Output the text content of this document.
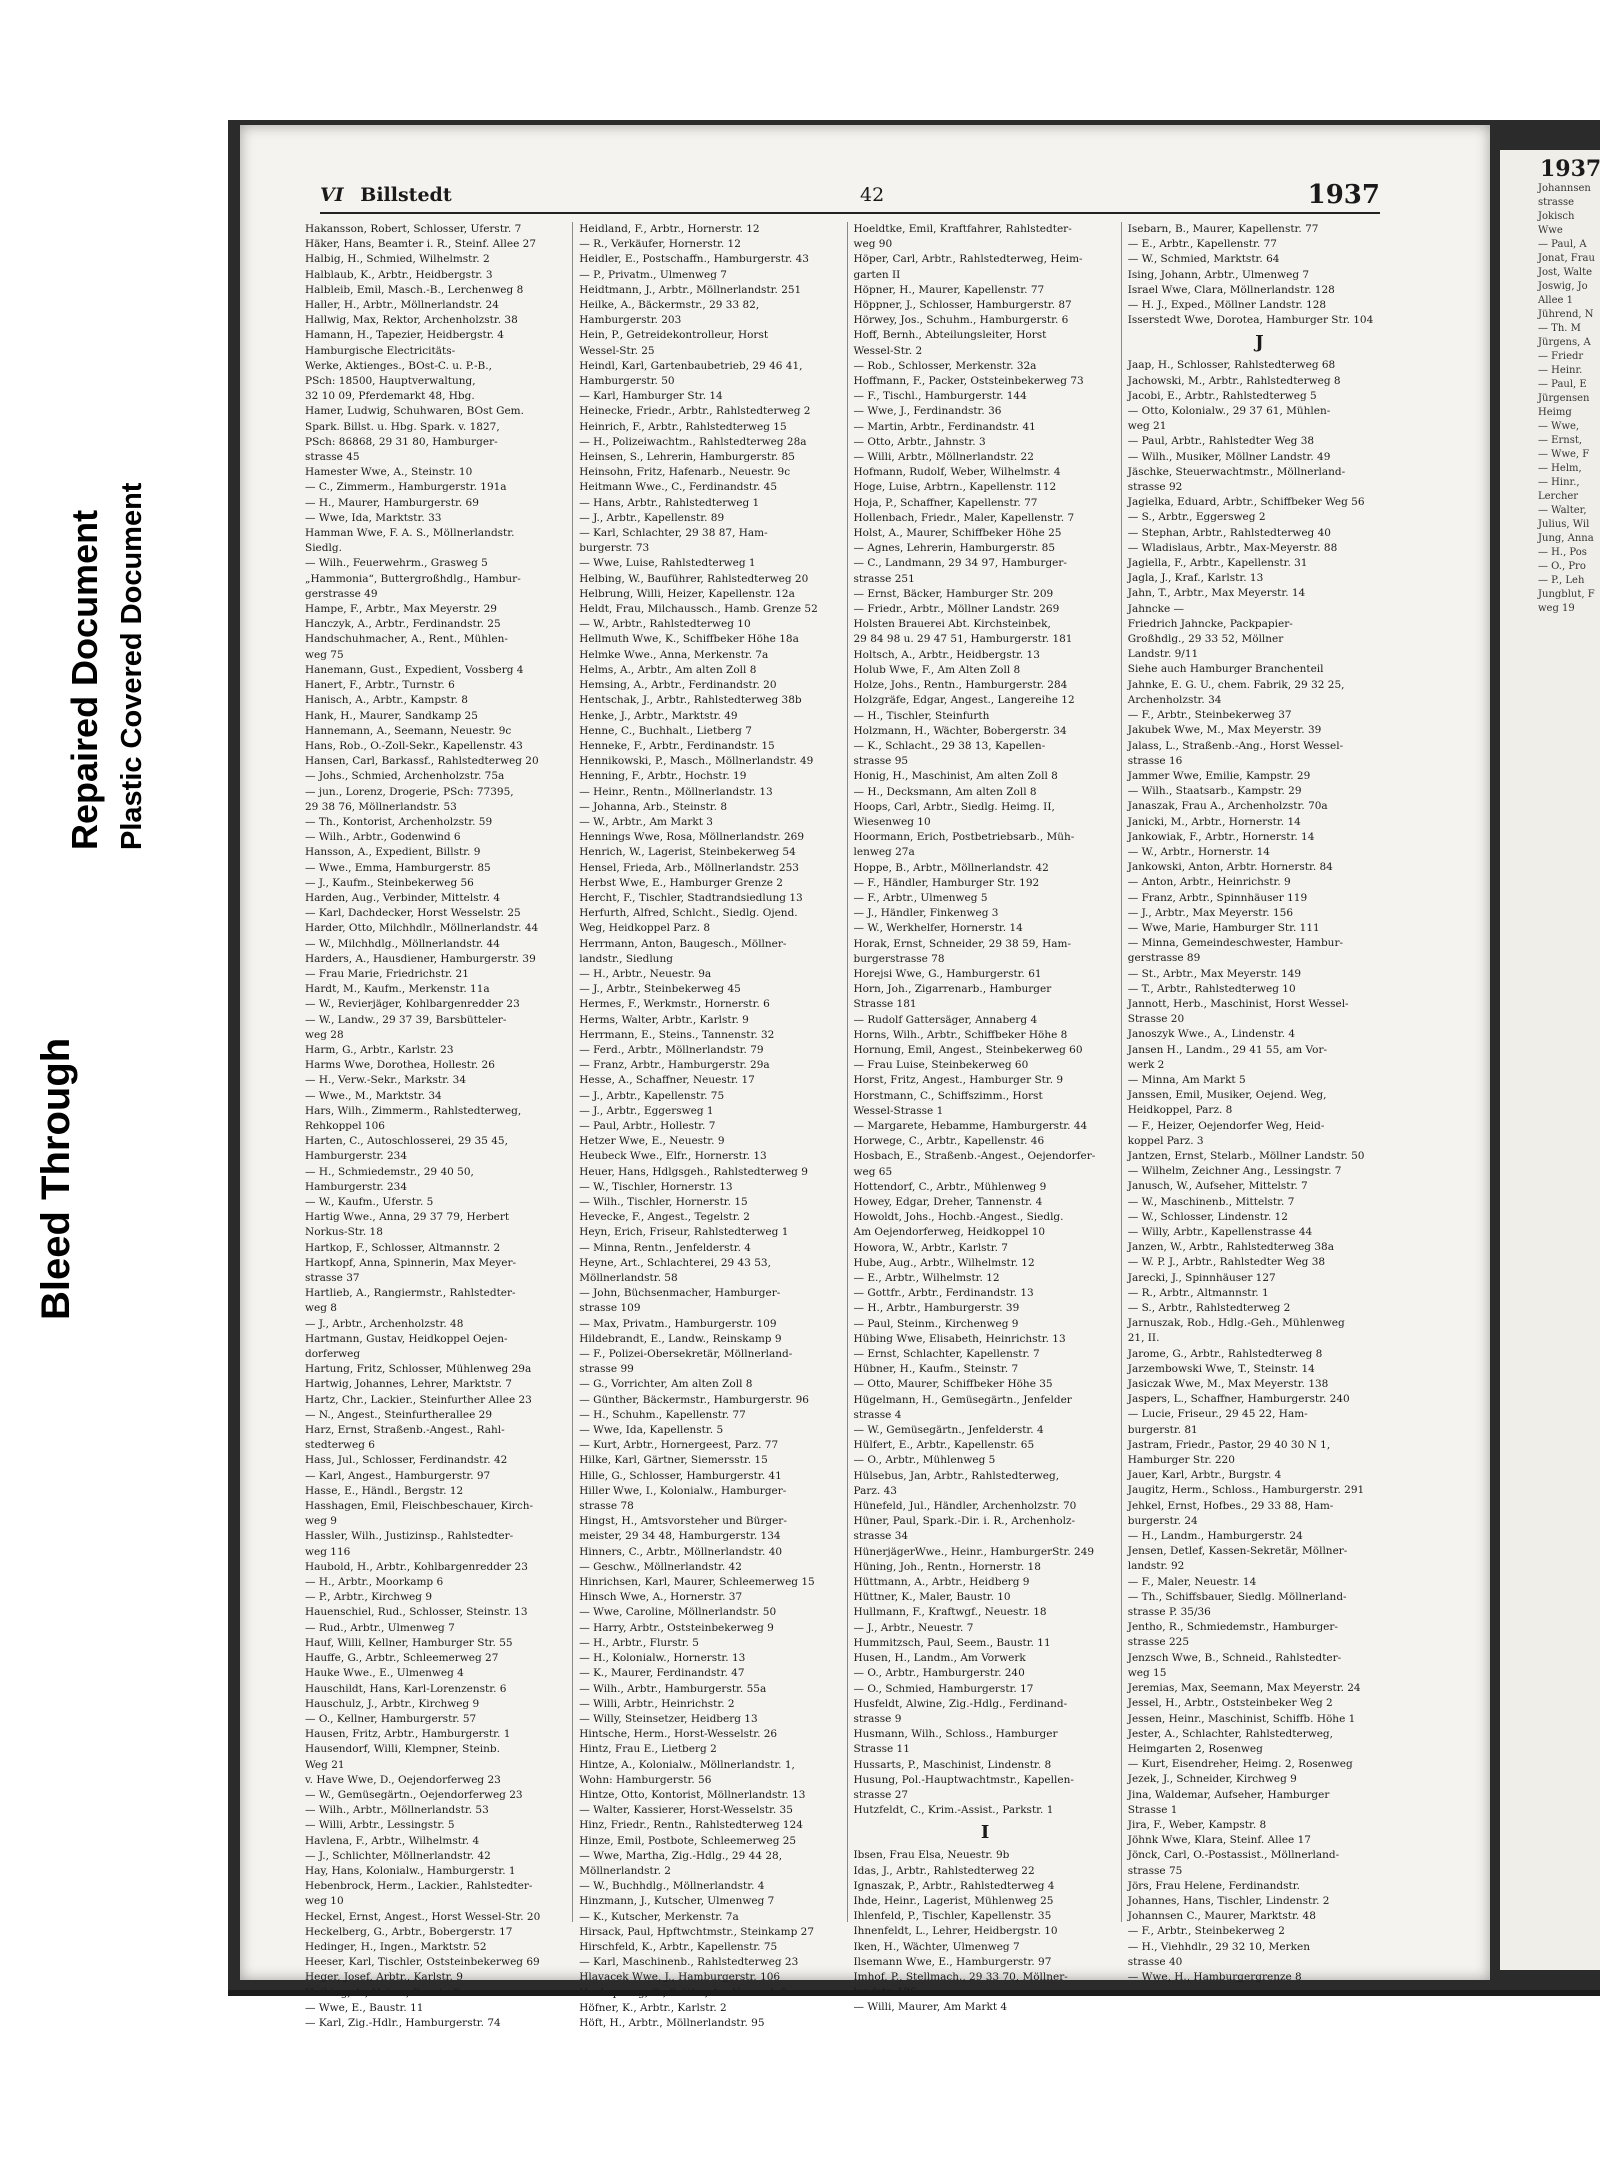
Bleed Through
Repaired Document Plastic Covered Document
1937
Johannsen
strasse
Jokisch Wwe
— Paul, A
Jonat, Frau
Jost, Walte
Joswig, Jo
Allee 1
Jührend, N
— Th. M
Jürgens, A
— Friedr
— Heinr.
— Paul, E
Jürgensen
Heimg
— Wwe,
— Ernst,
— Wwe, F
— Helm,
— Hinr.,
Lercher
— Walter,
Julius, Wil
Jung, Anna
— H., Pos
— O., Pro
— P., Leh
Jungblut, F
weg 19
VI Billstedt	42	1937
Hakansson, Robert, Schlosser, Uferstr. 7
Häker, Hans, Beamter i. R., Steinf. Allee 27
Halbig, H., Schmied, Wilhelmstr. 2
Halblaub, K., Arbtr., Heidbergstr. 3
Halbleib, Emil, Masch.-B., Lerchenweg 8
Haller, H., Arbtr., Möllnerlandstr. 24
Hallwig, Max, Rektor, Archenholzstr. 38
Hamann, H., Tapezier, Heidbergstr. 4
Hamburgische Electricitäts-
Werke, Aktienges., BOst-C. u. P.-B.,
PSch: 18500, Hauptverwaltung,
32 10 09, Pferdemarkt 48, Hbg.
Hamer, Ludwig, Schuhwaren, BOst Gem.
Spark. Billst. u. Hbg. Spark. v. 1827,
PSch: 86868, 29 31 80, Hamburger-
strasse 45
Hamester Wwe, A., Steinstr. 10
— C., Zimmerm., Hamburgerstr. 191a
— H., Maurer, Hamburgerstr. 69
— Wwe, Ida, Marktstr. 33
Hamman Wwe, F. A. S., Möllnerlandstr.
Siedlg.
— Wilh., Feuerwehrm., Grasweg 5
„Hammonia“, Buttergroßhdlg., Hambur-
gerstrasse 49
Hampe, F., Arbtr., Max Meyerstr. 29
Hanczyk, A., Arbtr., Ferdinandstr. 25
Handschuhmacher, A., Rent., Mühlen-
weg 75
Hanemann, Gust., Expedient, Vossberg 4
Hanert, F., Arbtr., Turnstr. 6
Hanisch, A., Arbtr., Kampstr. 8
Hank, H., Maurer, Sandkamp 25
Hannemann, A., Seemann, Neuestr. 9c
Hans, Rob., O.-Zoll-Sekr., Kapellenstr. 43
Hansen, Carl, Barkassf., Rahlstedterweg 20
— Johs., Schmied, Archenholzstr. 75a
— jun., Lorenz, Drogerie, PSch: 77395,
29 38 76, Möllnerlandstr. 53
— Th., Kontorist, Archenholzstr. 59
— Wilh., Arbtr., Godenwind 6
Hansson, A., Expedient, Billstr. 9
— Wwe., Emma, Hamburgerstr. 85
— J., Kaufm., Steinbekerweg 56
Harden, Aug., Verbinder, Mittelstr. 4
— Karl, Dachdecker, Horst Wesselstr. 25
Harder, Otto, Milchhdlr., Möllnerlandstr. 44
— W., Milchhdlg., Möllnerlandstr. 44
Harders, A., Hausdiener, Hamburgerstr. 39
— Frau Marie, Friedrichstr. 21
Hardt, M., Kaufm., Merkenstr. 11a
— W., Revierjäger, Kohlbargenredder 23
— W., Landw., 29 37 39, Barsbütteler-
weg 28
Harm, G., Arbtr., Karlstr. 23
Harms Wwe, Dorothea, Hollestr. 26
— H., Verw.-Sekr., Markstr. 34
— Wwe., M., Marktstr. 34
Hars, Wilh., Zimmerm., Rahlstedterweg,
Rehkoppel 106
Harten, C., Autoschlosserei, 29 35 45,
Hamburgerstr. 234
— H., Schmiedemstr., 29 40 50,
Hamburgerstr. 234
— W., Kaufm., Uferstr. 5
Hartig Wwe., Anna, 29 37 79, Herbert
Norkus-Str. 18
Hartkop, F., Schlosser, Altmannstr. 2
Hartkopf, Anna, Spinnerin, Max Meyer-
strasse 37
Hartlieb, A., Rangiermstr., Rahlstedter-
weg 8
— J., Arbtr., Archenholzstr. 48
Hartmann, Gustav, Heidkoppel Oejen-
dorferweg
Hartung, Fritz, Schlosser, Mühlenweg 29a
Hartwig, Johannes, Lehrer, Marktstr. 7
Hartz, Chr., Lackier., Steinfurther Allee 23
— N., Angest., Steinfurtherallee 29
Harz, Ernst, Straßenb.-Angest., Rahl-
stedterweg 6
Hass, Jul., Schlosser, Ferdinandstr. 42
— Karl, Angest., Hamburgerstr. 97
Hasse, E., Händl., Bergstr. 12
Hasshagen, Emil, Fleischbeschauer, Kirch-
weg 9
Hassler, Wilh., Justizinsp., Rahlstedter-
weg 116
Haubold, H., Arbtr., Kohlbargenredder 23
— H., Arbtr., Moorkamp 6
— P., Arbtr., Kirchweg 9
Hauenschiel, Rud., Schlosser, Steinstr. 13
— Rud., Arbtr., Ulmenweg 7
Hauf, Willi, Kellner, Hamburger Str. 55
Hauffe, G., Arbtr., Schleemerweg 27
Hauke Wwe., E., Ulmenweg 4
Hauschildt, Hans, Karl-Lorenzenstr. 6
Hauschulz, J., Arbtr., Kirchweg 9
— O., Kellner, Hamburgerstr. 57
Hausen, Fritz, Arbtr., Hamburgerstr. 1
Hausendorf, Willi, Klempner, Steinb.
Weg 21
v. Have Wwe, D., Oejendorferweg 23
— W., Gemüsegärtn., Oejendorferweg 23
— Wilh., Arbtr., Möllnerlandstr. 53
— Willi, Arbtr., Lessingstr. 5
Havlena, F., Arbtr., Wilhelmstr. 4
— J., Schlichter, Möllnerlandstr. 42
Hay, Hans, Kolonialw., Hamburgerstr. 1
Hebenbrock, Herm., Lackier., Rahlstedter-
weg 10
Heckel, Ernst, Angest., Horst Wessel-Str. 20
Heckelberg, G., Arbtr., Bobergerstr. 17
Hedinger, H., Ingen., Marktstr. 52
Heeser, Karl, Tischler, Oststeinbekerweg 69
Heger, Josef, Arbtr., Karlstr. 9
— Wwe, E., Baustr. 11
— Karl, Zig.-Hdlr., Hamburgerstr. 74
Heidland, F., Arbtr., Hornerstr. 12
— R., Verkäufer, Hornerstr. 12
Heidler, E., Postschaffn., Hamburgerstr. 43
— P., Privatm., Ulmenweg 7
Heidtmann, J., Arbtr., Möllnerlandstr. 251
Heilke, A., Bäckermstr., 29 33 82,
Hamburgerstr. 203
Hein, P., Getreidekontrolleur, Horst
Wessel-Str. 25
Heindl, Karl, Gartenbaubetrieb, 29 46 41,
Hamburgerstr. 50
— Karl, Hamburger Str. 14
Heinecke, Friedr., Arbtr., Rahlstedterweg 2
Heinrich, F., Arbtr., Rahlstedterweg 15
— H., Polizeiwachtm., Rahlstedterweg 28a
Heinsen, S., Lehrerin, Hamburgerstr. 85
Heinsohn, Fritz, Hafenarb., Neuestr. 9c
Heitmann Wwe., C., Ferdinandstr. 45
— Hans, Arbtr., Rahlstedterweg 1
— J., Arbtr., Kapellenstr. 89
— Karl, Schlachter, 29 38 87, Ham-
burgerstr. 73
— Wwe, Luise, Rahlstedterweg 1
Helbing, W., Bauführer, Rahlstedterweg 20
Helbrung, Willi, Heizer, Kapellenstr. 12a
Heldt, Frau, Milchaussch., Hamb. Grenze 52
— W., Arbtr., Rahlstedterweg 10
Hellmuth Wwe, K., Schiffbeker Höhe 18a
Helmke Wwe., Anna, Merkenstr. 7a
Helms, A., Arbtr., Am alten Zoll 8
Hemsing, A., Arbtr., Ferdinandstr. 20
Hentschak, J., Arbtr., Rahlstedterweg 38b
Henke, J., Arbtr., Marktstr. 49
Henne, C., Buchhalt., Lietberg 7
Henneke, F., Arbtr., Ferdinandstr. 15
Hennikowski, P., Masch., Möllnerlandstr. 49
Henning, F., Arbtr., Hochstr. 19
— Heinr., Rentn., Möllnerlandstr. 13
— Johanna, Arb., Steinstr. 8
— W., Arbtr., Am Markt 3
Hennings Wwe, Rosa, Möllnerlandstr. 269
Henrich, W., Lagerist, Steinbekerweg 54
Hensel, Frieda, Arb., Möllnerlandstr. 253
Herbst Wwe, E., Hamburger Grenze 2
Hercht, F., Tischler, Stadtrandsiedlung 13
Herfurth, Alfred, Schlcht., Siedlg. Ojend.
Weg, Heidkoppel Parz. 8
Herrmann, Anton, Baugesch., Möllner-
landstr., Siedlung
— H., Arbtr., Neuestr. 9a
— J., Arbtr., Steinbekerweg 45
Hermes, F., Werkmstr., Hornerstr. 6
Herms, Walter, Arbtr., Karlstr. 9
Herrmann, E., Steins., Tannenstr. 32
— Ferd., Arbtr., Möllnerlandstr. 79
— Franz, Arbtr., Hamburgerstr. 29a
Hesse, A., Schaffner, Neuestr. 17
— J., Arbtr., Kapellenstr. 75
— J., Arbtr., Eggersweg 1
— Paul, Arbtr., Hollestr. 7
Hetzer Wwe, E., Neuestr. 9
Heubeck Wwe., Elfr., Hornerstr. 13
Heuer, Hans, Hdlgsgeh., Rahlstedterweg 9
— W., Tischler, Hornerstr. 13
— Wilh., Tischler, Hornerstr. 15
Hevecke, F., Angest., Tegelstr. 2
Heyn, Erich, Friseur, Rahlstedterweg 1
— Minna, Rentn., Jenfelderstr. 4
Heyne, Art., Schlachterei, 29 43 53,
Möllnerlandstr. 58
— John, Büchsenmacher, Hamburger-
strasse 109
— Max, Privatm., Hamburgerstr. 109
Hildebrandt, E., Landw., Reinskamp 9
— F., Polizei-Obersekretär, Möllnerland-
strasse 99
— G., Vorrichter, Am alten Zoll 8
— Günther, Bäckermstr., Hamburgerstr. 96
— H., Schuhm., Kapellenstr. 77
— Wwe, Ida, Kapellenstr. 5
— Kurt, Arbtr., Hornergeest, Parz. 77
Hilke, Karl, Gärtner, Siemersstr. 15
Hille, G., Schlosser, Hamburgerstr. 41
Hiller Wwe, I., Kolonialw., Hamburger-
strasse 78
Hingst, H., Amtsvorsteher und Bürger-
meister, 29 34 48, Hamburgerstr. 134
Hinners, C., Arbtr., Möllnerlandstr. 40
— Geschw., Möllnerlandstr. 42
Hinrichsen, Karl, Maurer, Schleemerweg 15
Hinsch Wwe, A., Hornerstr. 37
— Wwe, Caroline, Möllnerlandstr. 50
— Harry, Arbtr., Oststeinbekerweg 9
— H., Arbtr., Flurstr. 5
— H., Kolonialw., Hornerstr. 13
— K., Maurer, Ferdinandstr. 47
— Wilh., Arbtr., Hamburgerstr. 55a
— Willi, Arbtr., Heinrichstr. 2
— Willy, Steinsetzer, Heidberg 13
Hintsche, Herm., Horst-Wesselstr. 26
Hintz, Frau E., Lietberg 2
Hintze, A., Kolonialw., Möllnerlandstr. 1,
Wohn: Hamburgerstr. 56
Hintze, Otto, Kontorist, Möllnerlandstr. 13
— Walter, Kassierer, Horst-Wesselstr. 35
Hinz, Friedr., Rentn., Rahlstedterweg 124
Hinze, Emil, Postbote, Schleemerweg 25
— Wwe, Martha, Zig.-Hdlg., 29 44 28,
Möllnerlandstr. 2
— W., Buchhdlg., Möllnerlandstr. 4
Hinzmann, J., Kutscher, Ulmenweg 7
— K., Kutscher, Merkenstr. 7a
Hirsack, Paul, Hpftwchtmstr., Steinkamp 27
Hirschfeld, K., Arbtr., Kapellenstr. 75
— Karl, Maschinenb., Rahlstedterweg 23
Hlavacek Wwe, J., Hamburgerstr. 106
Höfner, K., Arbtr., Karlstr. 2
Höft, H., Arbtr., Möllnerlandstr. 95
Hoeldtke, Emil, Kraftfahrer, Rahlstedter-
weg 90
Höper, Carl, Arbtr., Rahlstedterweg, Heim-
garten II
Höpner, H., Maurer, Kapellenstr. 77
Höppner, J., Schlosser, Hamburgerstr. 87
Hörwey, Jos., Schuhm., Hamburgerstr. 6
Hoff, Bernh., Abteilungsleiter, Horst
Wessel-Str. 2
— Rob., Schlosser, Merkenstr. 32a
Hoffmann, F., Packer, Oststeinbekerweg 73
— F., Tischl., Hamburgerstr. 144
— Wwe, J., Ferdinandstr. 36
— Martin, Arbtr., Ferdinandstr. 41
— Otto, Arbtr., Jahnstr. 3
— Willi, Arbtr., Möllnerlandstr. 22
Hofmann, Rudolf, Weber, Wilhelmstr. 4
Hoge, Luise, Arbtrn., Kapellenstr. 112
Hoja, P., Schaffner, Kapellenstr. 77
Hollenbach, Friedr., Maler, Kapellenstr. 7
Holst, A., Maurer, Schiffbeker Höhe 25
— Agnes, Lehrerin, Hamburgerstr. 85
— C., Landmann, 29 34 97, Hamburger-
strasse 251
— Ernst, Bäcker, Hamburger Str. 209
— Friedr., Arbtr., Möllner Landstr. 269
Holsten Brauerei Abt. Kirchsteinbek,
29 84 98 u. 29 47 51, Hamburgerstr. 181
Holtsch, A., Arbtr., Heidbergstr. 13
Holub Wwe, F., Am Alten Zoll 8
Holze, Johs., Rentn., Hamburgerstr. 284
Holzgräfe, Edgar, Angest., Langereihe 12
— H., Tischler, Steinfurth
Holzmann, H., Wächter, Bobergerstr. 34
— K., Schlacht., 29 38 13, Kapellen-
strasse 95
Honig, H., Maschinist, Am alten Zoll 8
— H., Decksmann, Am alten Zoll 8
Hoops, Carl, Arbtr., Siedlg. Heimg. II,
Wiesenweg 10
Hoormann, Erich, Postbetriebsarb., Müh-
lenweg 27a
Hoppe, B., Arbtr., Möllnerlandstr. 42
— F., Händler, Hamburger Str. 192
— F., Arbtr., Ulmenweg 5
— J., Händler, Finkenweg 3
— W., Werkhelfer, Hornerstr. 14
Horak, Ernst, Schneider, 29 38 59, Ham-
burgerstrasse 78
Horejsi Wwe, G., Hamburgerstr. 61
Horn, Joh., Zigarrenarb., Hamburger
Strasse 181
— Rudolf Gattersäger, Annaberg 4
Horns, Wilh., Arbtr., Schiffbeker Höhe 8
Hornung, Emil, Angest., Steinbekerweg 60
— Frau Luise, Steinbekerweg 60
Horst, Fritz, Angest., Hamburger Str. 9
Horstmann, C., Schiffszimm., Horst
Wessel-Strasse 1
— Margarete, Hebamme, Hamburgerstr. 44
Horwege, C., Arbtr., Kapellenstr. 46
Hosbach, E., Straßenb.-Angest., Oejendorfer-
weg 65
Hottendorf, C., Arbtr., Mühlenweg 9
Howey, Edgar, Dreher, Tannenstr. 4
Howoldt, Johs., Hochb.-Angest., Siedlg.
Am Oejendorferweg, Heidkoppel 10
Howora, W., Arbtr., Karlstr. 7
Hube, Aug., Arbtr., Wilhelmstr. 12
— E., Arbtr., Wilhelmstr. 12
— Gottfr., Arbtr., Ferdinandstr. 13
— H., Arbtr., Hamburgerstr. 39
— Paul, Steinm., Kirchenweg 9
Hübing Wwe, Elisabeth, Heinrichstr. 13
— Ernst, Schlachter, Kapellenstr. 7
Hübner, H., Kaufm., Steinstr. 7
— Otto, Maurer, Schiffbeker Höhe 35
Hügelmann, H., Gemüsegärtn., Jenfelder
strasse 4
— W., Gemüsegärtn., Jenfelderstr. 4
Hülfert, E., Arbtr., Kapellenstr. 65
— O., Arbtr., Mühlenweg 5
Hülsebus, Jan, Arbtr., Rahlstedterweg,
Parz. 43
Hünefeld, Jul., Händler, Archenholzstr. 70
Hüner, Paul, Spark.-Dir. i. R., Archenholz-
strasse 34
HünerjägerWwe., Heinr., HamburgerStr. 249
Hüning, Joh., Rentn., Hornerstr. 18
Hüttmann, A., Arbtr., Heidberg 9
Hüttner, K., Maler, Baustr. 10
Hullmann, F., Kraftwgf., Neuestr. 18
— J., Arbtr., Neuestr. 7
Hummitzsch, Paul, Seem., Baustr. 11
Husen, H., Landm., Am Vorwerk
— O., Arbtr., Hamburgerstr. 240
— O., Schmied, Hamburgerstr. 17
Husfeldt, Alwine, Zig.-Hdlg., Ferdinand-
strasse 9
Husmann, Wilh., Schloss., Hamburger
Strasse 11
Hussarts, P., Maschinist, Lindenstr. 8
Husung, Pol.-Hauptwachtmstr., Kapellen-
strasse 27
Hutzfeldt, C., Krim.-Assist., Parkstr. 1
I
Ibsen, Frau Elsa, Neuestr. 9b
Idas, J., Arbtr., Rahlstedterweg 22
Ignaszak, P., Arbtr., Rahlstedterweg 4
Ihde, Heinr., Lagerist, Mühlenweg 25
Ihlenfeld, P., Tischler, Kapellenstr. 35
Ihnenfeldt, L., Lehrer, Heidbergstr. 10
Iken, H., Wächter, Ulmenweg 7
Ilsemann Wwe, E., Hamburgerstr. 97
Imhof, P., Stellmach., 29 33 70, Möllner-
— Willi, Maurer, Am Markt 4
Isebarn, B., Maurer, Kapellenstr. 77
— E., Arbtr., Kapellenstr. 77
— W., Schmied, Marktstr. 64
Ising, Johann, Arbtr., Ulmenweg 7
Israel Wwe, Clara, Möllnerlandstr. 128
— H. J., Exped., Möllner Landstr. 128
Isserstedt Wwe, Dorotea, Hamburger Str. 104
J
Jaap, H., Schlosser, Rahlstedterweg 68
Jachowski, M., Arbtr., Rahlstedterweg 8
Jacobi, E., Arbtr., Rahlstedterweg 5
— Otto, Kolonialw., 29 37 61, Mühlen-
weg 21
— Paul, Arbtr., Rahlstedter Weg 38
— Wilh., Musiker, Möllner Landstr. 49
Jäschke, Steuerwachtmstr., Möllnerland-
strasse 92
Jagielka, Eduard, Arbtr., Schiffbeker Weg 56
— S., Arbtr., Eggersweg 2
— Stephan, Arbtr., Rahlstedterweg 40
— Wladislaus, Arbtr., Max-Meyerstr. 88
Jagiella, F., Arbtr., Kapellenstr. 31
Jagla, J., Kraf., Karlstr. 13
Jahn, T., Arbtr., Max Meyerstr. 14
Jahncke —
Friedrich Jahncke, Packpapier-
Großhdlg., 29 33 52, Möllner
Landstr. 9/11
Siehe auch Hamburger Branchenteil
Jahnke, E. G. U., chem. Fabrik, 29 32 25,
Archenholzstr. 34
— F., Arbtr., Steinbekerweg 37
Jakubek Wwe, M., Max Meyerstr. 39
Jalass, L., Straßenb.-Ang., Horst Wessel-
strasse 16
Jammer Wwe, Emilie, Kampstr. 29
— Wilh., Staatsarb., Kampstr. 29
Janaszak, Frau A., Archenholzstr. 70a
Janicki, M., Arbtr., Hornerstr. 14
Jankowiak, F., Arbtr., Hornerstr. 14
— W., Arbtr., Hornerstr. 14
Jankowski, Anton, Arbtr. Hornerstr. 84
— Anton, Arbtr., Heinrichstr. 9
— Franz, Arbtr., Spinnhäuser 119
— J., Arbtr., Max Meyerstr. 156
— Wwe, Marie, Hamburger Str. 111
— Minna, Gemeindeschwester, Hambur-
gerstrasse 89
— St., Arbtr., Max Meyerstr. 149
— T., Arbtr., Rahlstedterweg 10
Jannott, Herb., Maschinist, Horst Wessel-
Strasse 20
Janoszyk Wwe., A., Lindenstr. 4
Jansen H., Landm., 29 41 55, am Vor-
werk 2
— Minna, Am Markt 5
Janssen, Emil, Musiker, Oejend. Weg,
Heidkoppel, Parz. 8
— F., Heizer, Oejendorfer Weg, Heid-
koppel Parz. 3
Jantzen, Ernst, Stelarb., Möllner Landstr. 50
— Wilhelm, Zeichner Ang., Lessingstr. 7
Janusch, W., Aufseher, Mittelstr. 7
— W., Maschinenb., Mittelstr. 7
— W., Schlosser, Lindenstr. 12
— Willy, Arbtr., Kapellenstrasse 44
Janzen, W., Arbtr., Rahlstedterweg 38a
— W. P. J., Arbtr., Rahlstedter Weg 38
Jarecki, J., Spinnhäuser 127
— R., Arbtr., Altmannstr. 1
— S., Arbtr., Rahlstedterweg 2
Jarnuszak, Rob., Hdlg.-Geh., Mühlenweg
21, II.
Jarome, G., Arbtr., Rahlstedterweg 8
Jarzembowski Wwe, T., Steinstr. 14
Jasiczak Wwe, M., Max Meyerstr. 138
Jaspers, L., Schaffner, Hamburgerstr. 240
— Lucie, Friseur., 29 45 22, Ham-
burgerstr. 81
Jastram, Friedr., Pastor, 29 40 30 N 1,
Hamburger Str. 220
Jauer, Karl, Arbtr., Burgstr. 4
Jaugitz, Herm., Schloss., Hamburgerstr. 291
Jehkel, Ernst, Hofbes., 29 33 88, Ham-
burgerstr. 24
— H., Landm., Hamburgerstr. 24
Jensen, Detlef, Kassen-Sekretär, Möllner-
landstr. 92
— F., Maler, Neuestr. 14
— Th., Schiffsbauer, Siedlg. Möllnerland-
strasse P. 35/36
Jentho, R., Schmiedemstr., Hamburger-
strasse 225
Jenzsch Wwe, B., Schneid., Rahlstedter-
weg 15
Jeremias, Max, Seemann, Max Meyerstr. 24
Jessel, H., Arbtr., Oststeinbeker Weg 2
Jessen, Heinr., Maschinist, Schiffb. Höhe 1
Jester, A., Schlachter, Rahlstedterweg,
Heimgarten 2, Rosenweg
— Kurt, Eisendreher, Heimg. 2, Rosenweg
Jezek, J., Schneider, Kirchweg 9
Jina, Waldemar, Aufseher, Hamburger
Strasse 1
Jira, F., Weber, Kampstr. 8
Jöhnk Wwe, Klara, Steinf. Allee 17
Jönck, Carl, O.-Postassist., Möllnerland-
strasse 75
Jörs, Frau Helene, Ferdinandstr.
Johannes, Hans, Tischler, Lindenstr. 2
Johannsen C., Maurer, Marktstr. 48
— F., Arbtr., Steinbekerweg 2
— H., Viehhdlr., 29 32 10, Merken
strasse 40
— Wwe, H., Hamburgergrenze 8
